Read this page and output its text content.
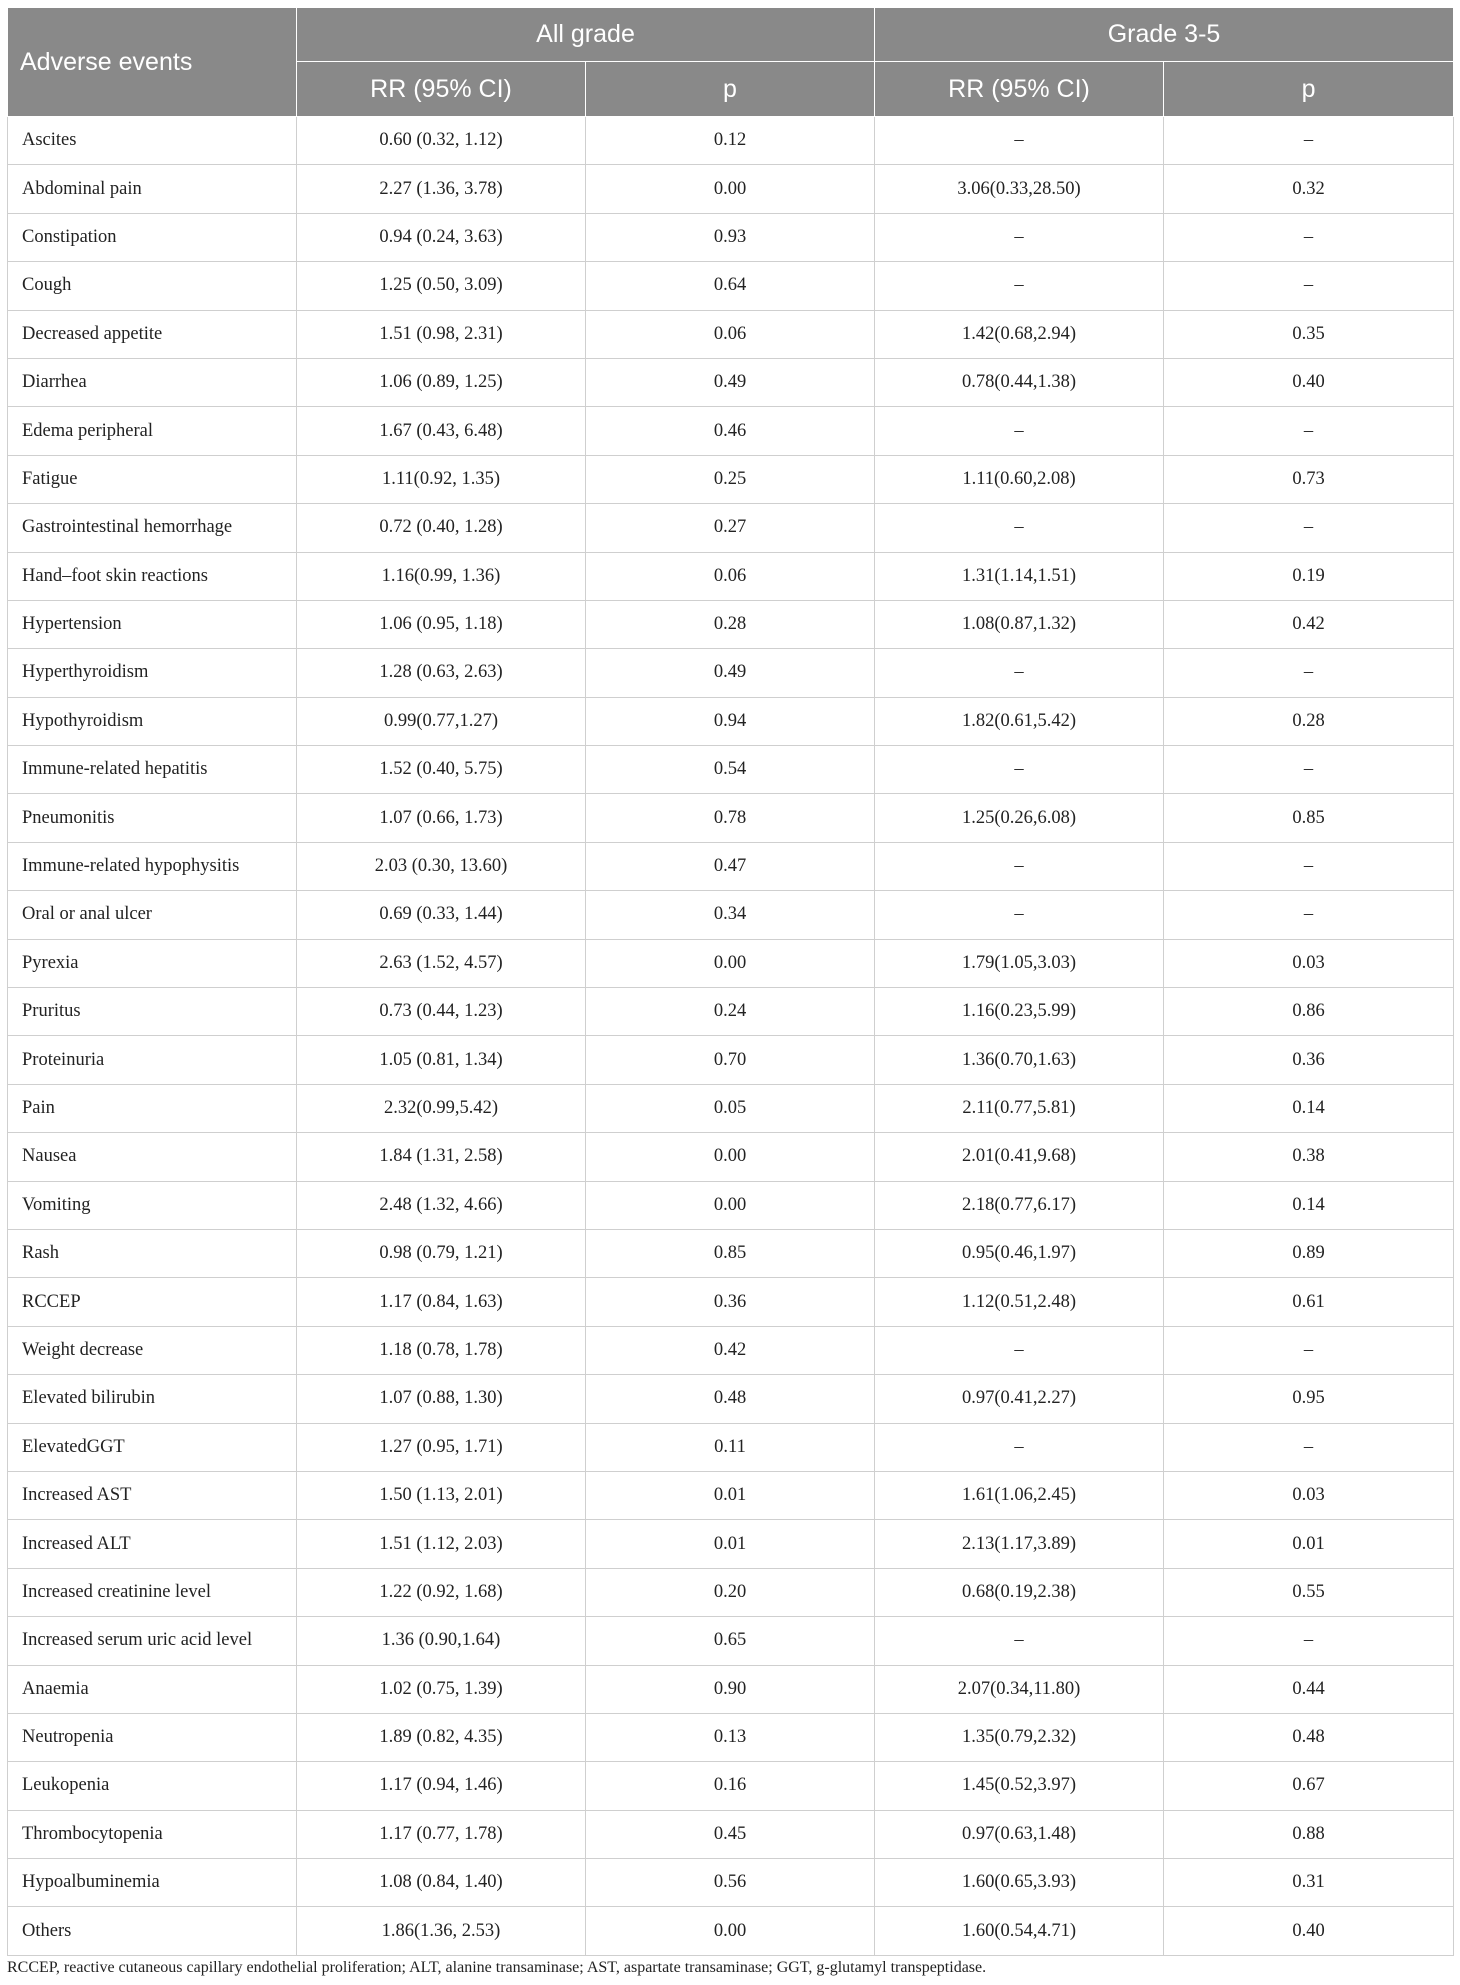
Adverse events	All grade		Grade 3-5	
	RR (95% CI)	p	RR (95% CI)	p
Ascites	0.60 (0.32, 1.12)	0.12	–	–
Abdominal pain	2.27 (1.36, 3.78)	0.00	3.06(0.33,28.50)	0.32
Constipation	0.94 (0.24, 3.63)	0.93	–	–
Cough	1.25 (0.50, 3.09)	0.64	–	–
Decreased appetite	1.51 (0.98, 2.31)	0.06	1.42(0.68,2.94)	0.35
Diarrhea	1.06 (0.89, 1.25)	0.49	0.78(0.44,1.38)	0.40
Edema peripheral	1.67 (0.43, 6.48)	0.46	–	–
Fatigue	1.11(0.92, 1.35)	0.25	1.11(0.60,2.08)	0.73
Gastrointestinal hemorrhage	0.72 (0.40, 1.28)	0.27	–	–
Hand–foot skin reactions	1.16(0.99, 1.36)	0.06	1.31(1.14,1.51)	0.19
Hypertension	1.06 (0.95, 1.18)	0.28	1.08(0.87,1.32)	0.42
Hyperthyroidism	1.28 (0.63, 2.63)	0.49	–	–
Hypothyroidism	0.99(0.77,1.27)	0.94	1.82(0.61,5.42)	0.28
Immune-related hepatitis	1.52 (0.40, 5.75)	0.54	–	–
Pneumonitis	1.07 (0.66, 1.73)	0.78	1.25(0.26,6.08)	0.85
Immune-related hypophysitis	2.03 (0.30, 13.60)	0.47	–	–
Oral or anal ulcer	0.69 (0.33, 1.44)	0.34	–	–
Pyrexia	2.63 (1.52, 4.57)	0.00	1.79(1.05,3.03)	0.03
Pruritus	0.73 (0.44, 1.23)	0.24	1.16(0.23,5.99)	0.86
Proteinuria	1.05 (0.81, 1.34)	0.70	1.36(0.70,1.63)	0.36
Pain	2.32(0.99,5.42)	0.05	2.11(0.77,5.81)	0.14
Nausea	1.84 (1.31, 2.58)	0.00	2.01(0.41,9.68)	0.38
Vomiting	2.48 (1.32, 4.66)	0.00	2.18(0.77,6.17)	0.14
Rash	0.98 (0.79, 1.21)	0.85	0.95(0.46,1.97)	0.89
RCCEP	1.17 (0.84, 1.63)	0.36	1.12(0.51,2.48)	0.61
Weight decrease	1.18 (0.78, 1.78)	0.42	–	–
Elevated bilirubin	1.07 (0.88, 1.30)	0.48	0.97(0.41,2.27)	0.95
ElevatedGGT	1.27 (0.95, 1.71)	0.11	–	–
Increased AST	1.50 (1.13, 2.01)	0.01	1.61(1.06,2.45)	0.03
Increased ALT	1.51 (1.12, 2.03)	0.01	2.13(1.17,3.89)	0.01
Increased creatinine level	1.22 (0.92, 1.68)	0.20	0.68(0.19,2.38)	0.55
Increased serum uric acid level	1.36 (0.90,1.64)	0.65	–	–
Anaemia	1.02 (0.75, 1.39)	0.90	2.07(0.34,11.80)	0.44
Neutropenia	1.89 (0.82, 4.35)	0.13	1.35(0.79,2.32)	0.48
Leukopenia	1.17 (0.94, 1.46)	0.16	1.45(0.52,3.97)	0.67
Thrombocytopenia	1.17 (0.77, 1.78)	0.45	0.97(0.63,1.48)	0.88
Hypoalbuminemia	1.08 (0.84, 1.40)	0.56	1.60(0.65,3.93)	0.31
Others	1.86(1.36, 2.53)	0.00	1.60(0.54,4.71)	0.40
RCCEP, reactive cutaneous capillary endothelial proliferation; ALT, alanine transaminase; AST, aspartate transaminase; GGT, g-glutamyl transpeptidase.
